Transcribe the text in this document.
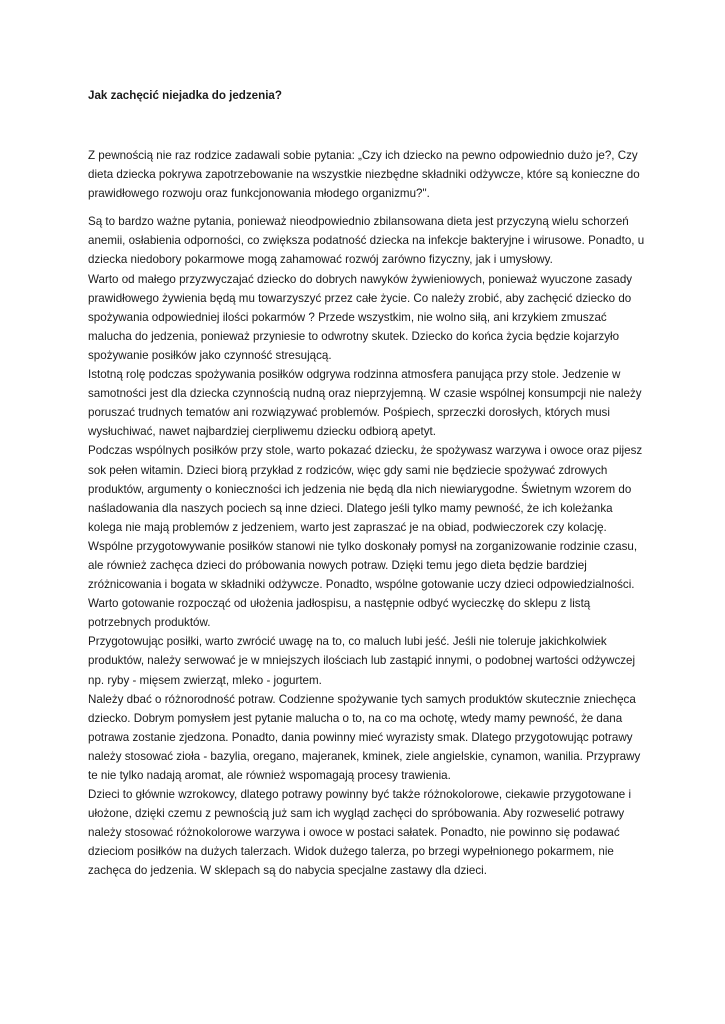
Jak zachęcić niejadka do jedzenia?

Z pewnością nie raz rodzice zadawali sobie pytania: „Czy ich dziecko na pewno odpowiednio dużo je?, Czy dieta dziecka pokrywa zapotrzebowanie na wszystkie niezbędne składniki odżywcze, które są konieczne do prawidłowego rozwoju oraz funkcjonowania młodego organizmu?".

Są to bardzo ważne pytania, ponieważ nieodpowiednio zbilansowana dieta jest przyczyną wielu schorzeń anemii, osłabienia odporności, co zwiększa podatność dziecka na infekcje bakteryjne i wirusowe. Ponadto, u dziecka niedobory pokarmowe mogą zahamować rozwój zarówno fizyczny, jak i umysłowy.

Warto od małego przyzwyczajać dziecko do dobrych nawyków żywieniowych, ponieważ wyuczone zasady prawidłowego żywienia będą mu towarzyszyć przez całe życie. Co należy zrobić, aby zachęcić dziecko do spożywania odpowiedniej ilości pokarmów ? Przede wszystkim, nie wolno siłą, ani krzykiem zmuszać malucha do jedzenia, ponieważ przyniesie to odwrotny skutek. Dziecko do końca życia będzie kojarzyło spożywanie posiłków jako czynność stresującą.

Istotną rolę podczas spożywania posiłków odgrywa rodzinna atmosfera panująca przy stole. Jedzenie w samotności jest dla dziecka czynnością nudną oraz nieprzyjemną. W czasie wspólnej konsumpcji nie należy poruszać trudnych tematów ani rozwiązywać problemów. Pośpiech, sprzeczki dorosłych, których musi wysłuchiwać, nawet najbardziej cierpliwemu dziecku odbiorą apetyt.

Podczas wspólnych posiłków przy stole, warto pokazać dziecku, że spożywasz warzywa i owoce oraz pijesz sok pełen witamin. Dzieci biorą przykład z rodziców, więc gdy sami nie będziecie spożywać zdrowych produktów, argumenty o konieczności ich jedzenia nie będą dla nich niewiarygodne. Świetnym wzorem do naśladowania dla naszych pociech są inne dzieci. Dlatego jeśli tylko mamy pewność, że ich koleżanka kolega nie mają problemów z jedzeniem, warto jest zapraszać je na obiad, podwieczorek czy kolację.

Wspólne przygotowywanie posiłków stanowi nie tylko doskonały pomysł na zorganizowanie rodzinie czasu, ale również zachęca dzieci do próbowania nowych potraw. Dzięki temu jego dieta będzie bardziej zróżnicowania i bogata w składniki odżywcze. Ponadto, wspólne gotowanie uczy dzieci odpowiedzialności. Warto gotowanie rozpocząć od ułożenia jadłospisu, a następnie odbyć wycieczkę do sklepu z listą potrzebnych produktów.

Przygotowując posiłki, warto zwrócić uwagę na to, co maluch lubi jeść. Jeśli nie toleruje jakichkolwiek produktów, należy serwować je w mniejszych ilościach lub zastąpić innymi, o podobnej wartości odżywczej np. ryby - mięsem zwierząt, mleko - jogurtem.

Należy dbać o różnorodność potraw. Codzienne spożywanie tych samych produktów skutecznie zniechęca dziecko. Dobrym pomysłem jest pytanie malucha o to, na co ma ochotę, wtedy mamy pewność, że dana potrawa zostanie zjedzona. Ponadto, dania powinny mieć wyrazisty smak. Dlatego przygotowując potrawy należy stosować zioła - bazylia, oregano, majeranek, kminek, ziele angielskie, cynamon, wanilia. Przyprawy te nie tylko nadają aromat, ale również wspomagają procesy trawienia.

Dzieci to głównie wzrokowcy, dlatego potrawy powinny być także różnokolorowe, ciekawie przygotowane i ułożone, dzięki czemu z pewnością już sam ich wygląd zachęci do spróbowania. Aby rozweselić potrawy należy stosować różnokolorowe warzywa i owoce w postaci sałatek. Ponadto, nie powinno się podawać dzieciom posiłków na dużych talerzach. Widok dużego talerza, po brzegi wypełnionego pokarmem, nie zachęca do jedzenia. W sklepach są do nabycia specjalne zastawy dla dzieci.
